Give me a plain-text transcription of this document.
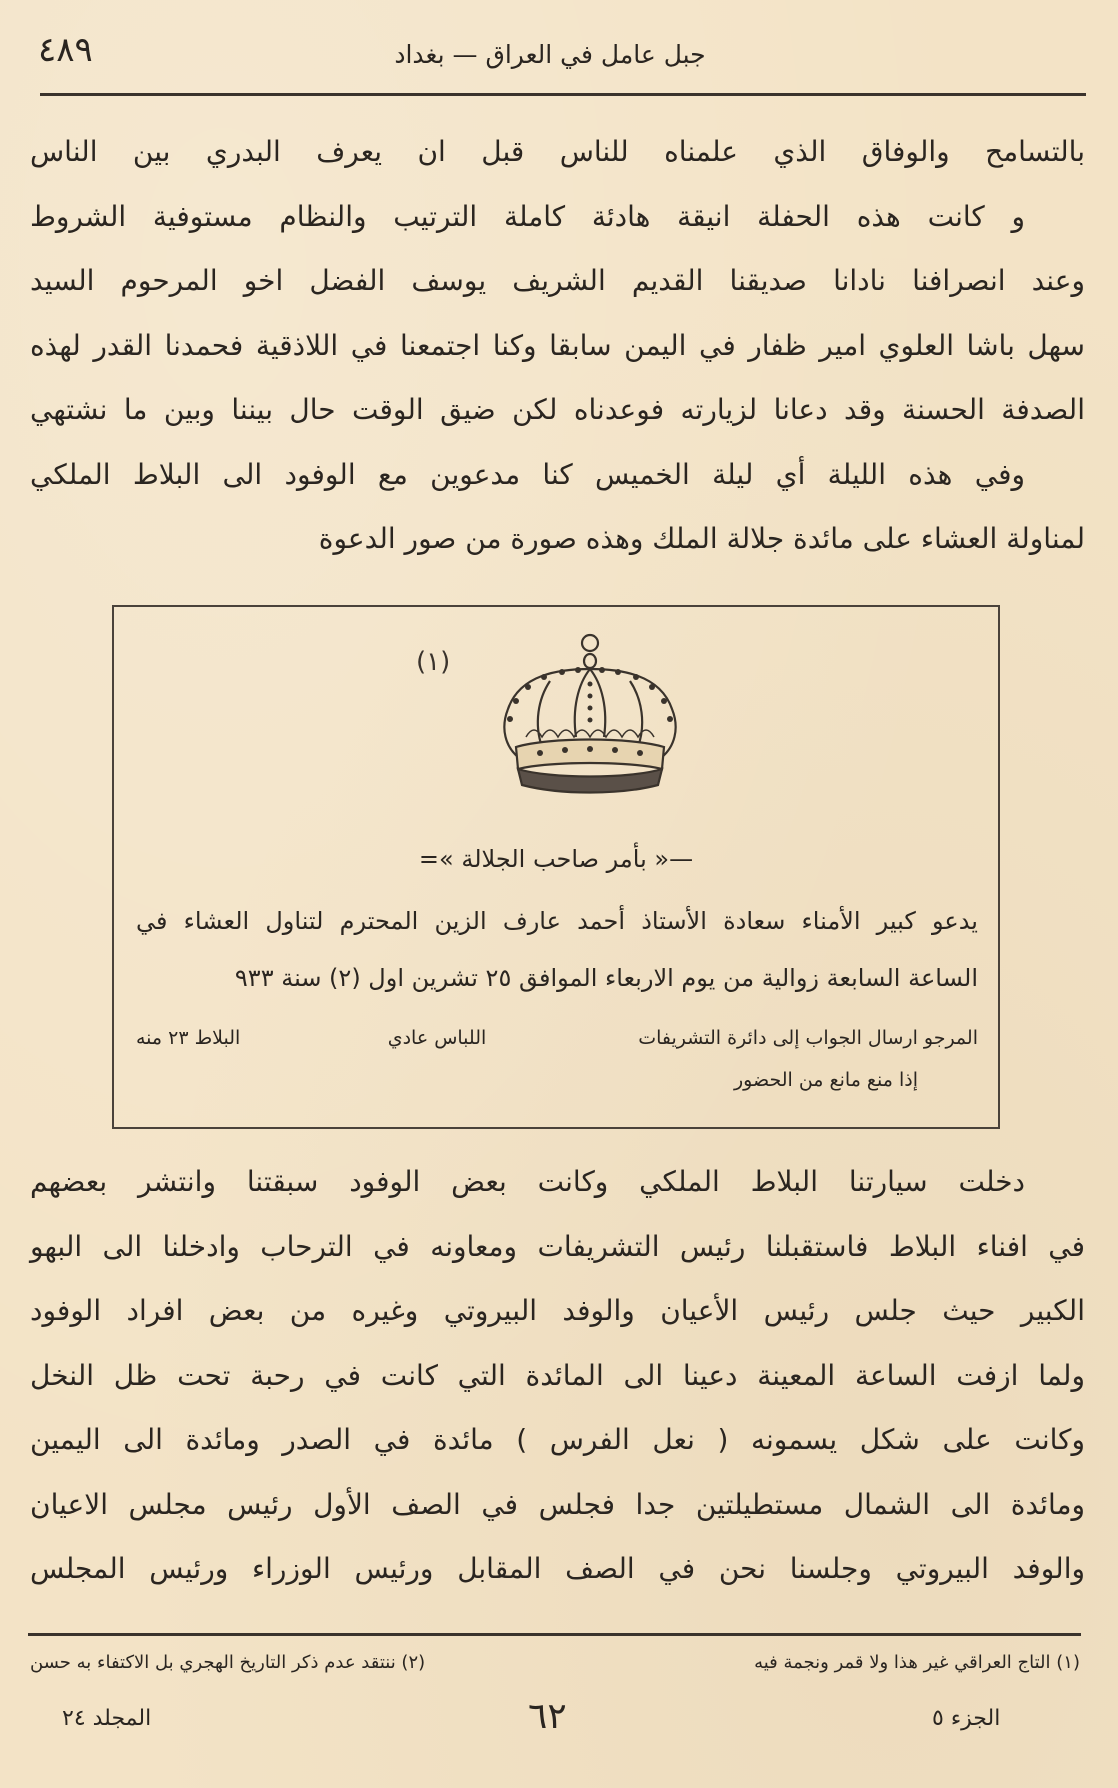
٤٨٩	جبل عامل في العراق — بغداد
بالتسامح والوفاق الذي علمناه للناس قبل ان يعرف البدري بين الناس
و كانت هذه الحفلة انيقة هادئة كاملة الترتيب والنظام مستوفية الشروط
وعند انصرافنا نادانا صديقنا القديم الشريف يوسف الفضل اخو المرحوم السيد
سهل باشا العلوي امير ظفار في اليمن سابقا وكنا اجتمعنا في اللاذقية فحمدنا القدر لهذه
الصدفة الحسنة وقد دعانا لزيارته فوعدناه لكن ضيق الوقت حال بيننا وبين ما نشتهي
وفي هذه الليلة أي ليلة الخميس كنا مدعوين مع الوفود الى البلاط الملكي
لمناولة العشاء على مائدة جلالة الملك وهذه صورة من صور الدعوة
(١)
—« بأمر صاحب الجلالة »=
يدعو كبير الأمناء سعادة الأستاذ أحمد عارف الزين المحترم لتناول العشاء في
الساعة السابعة زوالية من يوم الاربعاء الموافق ٢٥ تشرين اول (٢) سنة ٩٣٣
المرجو ارسال الجواب إلى دائرة التشريفات
اللباس عادي
البلاط ٢٣ منه
إذا منع مانع من الحضور
دخلت سيارتنا البلاط الملكي وكانت بعض الوفود سبقتنا وانتشر بعضهم
في افناء البلاط فاستقبلنا رئيس التشريفات ومعاونه في الترحاب وادخلنا الى البهو
الكبير حيث جلس رئيس الأعيان والوفد البيروتي وغيره من بعض افراد الوفود
ولما ازفت الساعة المعينة دعينا الى المائدة التي كانت في رحبة تحت ظل النخل
وكانت على شكل يسمونه ( نعل الفرس ) مائدة في الصدر ومائدة الى اليمين
ومائدة الى الشمال مستطيلتين جدا فجلس في الصف الأول رئيس مجلس الاعيان
والوفد البيروتي وجلسنا نحن في الصف المقابل ورئيس الوزراء ورئيس المجلس
(١) التاج العراقي غير هذا ولا قمر ونجمة فيه
(٢) ننتقد عدم ذكر التاريخ الهجري بل الاكتفاء به حسن
الجزء ٥
٦٢
المجلد ٢٤
